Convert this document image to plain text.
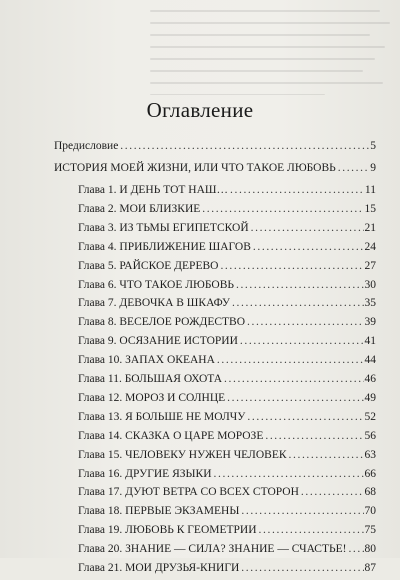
Оглавление
Предисловие .....	5
ИСТОРИЯ МОЕЙ ЖИЗНИ, ИЛИ ЧТО ТАКОЕ ЛЮБОВЬ .....	9
Глава 1. И ДЕНЬ ТОТ НАШ… .....	11
Глава 2. МОИ БЛИЗКИЕ .....	15
Глава 3. ИЗ ТЬМЫ ЕГИПЕТСКОЙ .....	21
Глава 4. ПРИБЛИЖЕНИЕ ШАГОВ .....	24
Глава 5. РАЙСКОЕ ДЕРЕВО .....	27
Глава 6. ЧТО ТАКОЕ ЛЮБОВЬ .....	30
Глава 7. ДЕВОЧКА В ШКАФУ .....	35
Глава 8. ВЕСЕЛОЕ РОЖДЕСТВО .....	39
Глава 9. ОСЯЗАНИЕ ИСТОРИИ .....	41
Глава 10. ЗАПАХ ОКЕАНА .....	44
Глава 11. БОЛЬШАЯ ОХОТА .....	46
Глава 12. МОРОЗ И СОЛНЦЕ .....	49
Глава 13. Я БОЛЬШЕ НЕ МОЛЧУ .....	52
Глава 14. СКАЗКА О ЦАРЕ МОРОЗЕ .....	56
Глава 15. ЧЕЛОВЕКУ НУЖЕН ЧЕЛОВЕК .....	63
Глава 16. ДРУГИЕ ЯЗЫКИ .....	66
Глава 17. ДУЮТ ВЕТРА СО ВСЕХ СТОРОН .....	68
Глава 18. ПЕРВЫЕ ЭКЗАМЕНЫ .....	70
Глава 19. ЛЮБОВЬ К ГЕОМЕТРИИ .....	75
Глава 20. ЗНАНИЕ — СИЛА? ЗНАНИЕ — СЧАСТЬЕ! ..... 80
Глава 21. МОИ ДРУЗЬЯ-КНИГИ .....	87
